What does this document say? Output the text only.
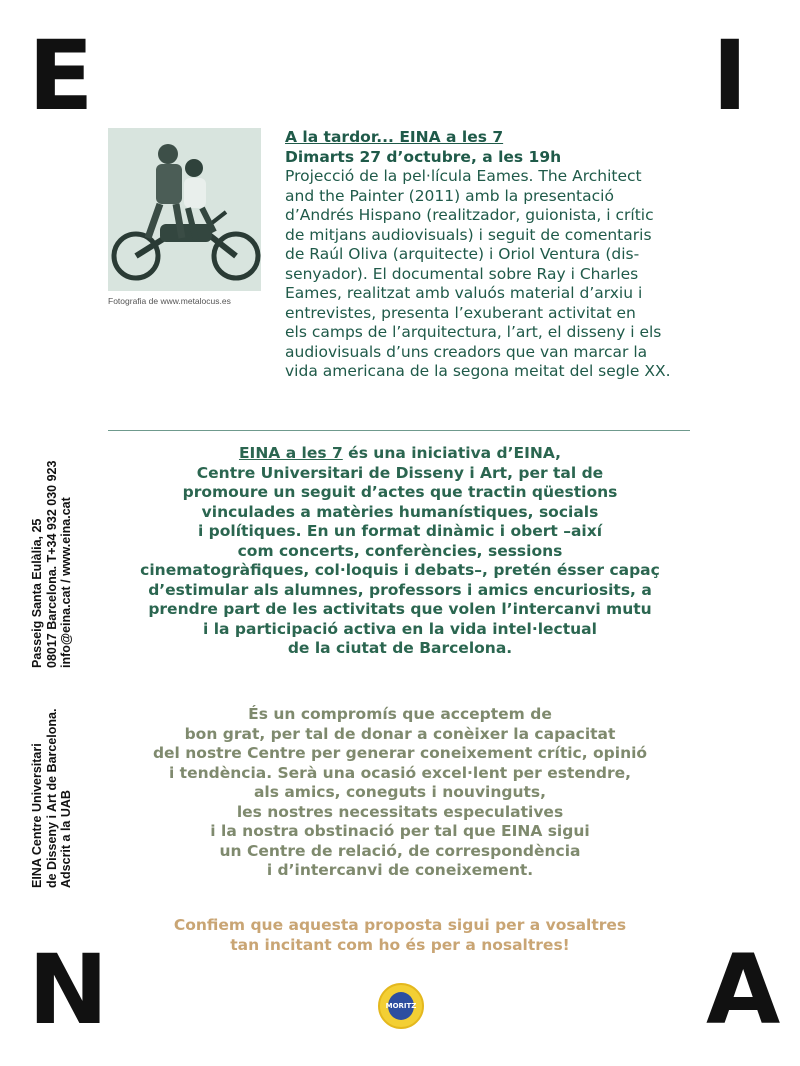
E	I
N	A
Fotografia de www.metalocus.es
A la tardor... EINA a les 7
Dimarts 27 d’octubre, a les 19h
Projecció de la pel·lícula Eames. The Architect
and the Painter (2011) amb la presentació
d’Andrés Hispano (realitzador, guionista, i crític
de mitjans audiovisuals) i seguit de comentaris
de Raúl Oliva (arquitecte) i Oriol Ventura (dis-
senyador). El documental sobre Ray i Charles
Eames, realitzat amb valuós material d’arxiu i
entrevistes, presenta l’exuberant activitat en
els camps de l’arquitectura, l’art, el disseny i els
audiovisuals d’uns creadors que van marcar la
vida americana de la segona meitat del segle XX.
Passeig Santa Eulàlia, 25 08017 Barcelona. T+34 932 030 923 info@eina.cat / www.eina.cat
EINA Centre Universitari de Disseny i Art de Barcelona. Adscrit a la UAB
EINA a les 7 és una iniciativa d’EINA,
Centre Universitari de Disseny i Art, per tal de
promoure un seguit d’actes que tractin qüestions
vinculades a matèries humanístiques, socials
i polítiques. En un format dinàmic i obert –així
com concerts, conferències, sessions
cinematogràfiques, col·loquis i debats–, pretén ésser capaç
d’estimular als alumnes, professors i amics encuriosits, a
prendre part de les activitats que volen l’intercanvi mutu
i la participació activa en la vida intel·lectual
de la ciutat de Barcelona.
És un compromís que acceptem de
bon grat, per tal de donar a conèixer la capacitat
del nostre Centre per generar coneixement crític, opinió
i tendència. Serà una ocasió excel·lent per estendre,
als amics, coneguts i nouvinguts,
les nostres necessitats especulatives
i la nostra obstinació per tal que EINA sigui
un Centre de relació, de correspondència
i d’intercanvi de coneixement.
Confiem que aquesta proposta sigui per a vosaltres
tan incitant com ho és per a nosaltres!
MORITZ
